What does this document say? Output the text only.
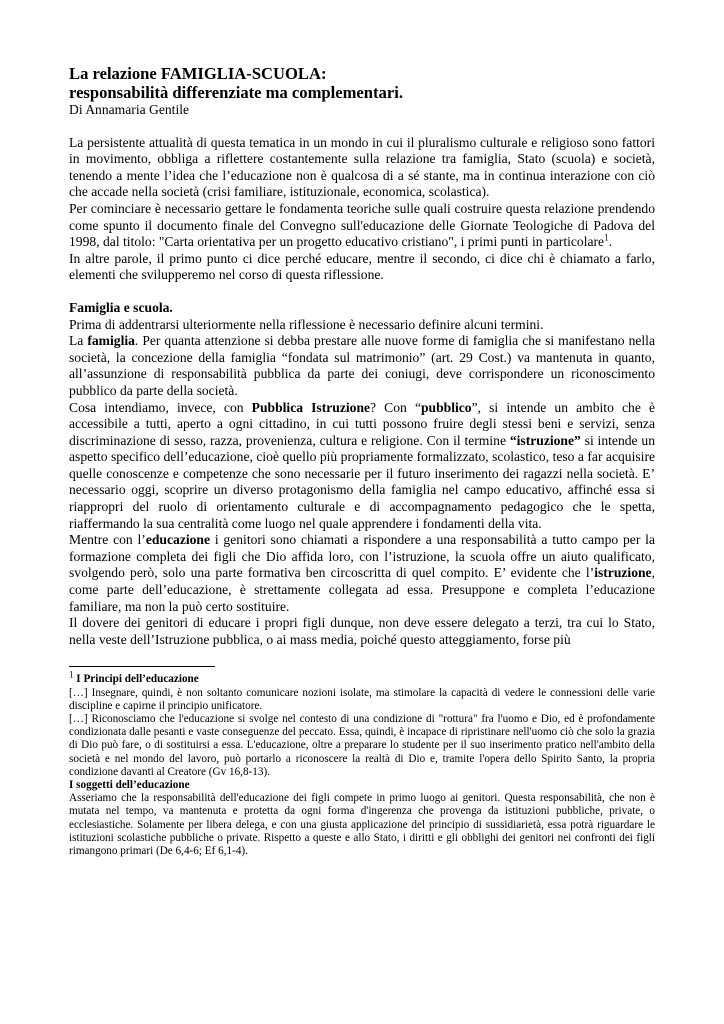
La relazione FAMIGLIA-SCUOLA:
responsabilità differenziate ma complementari.

Di Annamaria Gentile

La persistente attualità di questa tematica in un mondo in cui il pluralismo culturale e religioso sono fattori in movimento, obbliga a riflettere costantemente sulla relazione tra famiglia, Stato (scuola) e società, tenendo a mente l’idea che l’educazione non è qualcosa di a sé stante, ma in continua interazione con ciò che accade nella società (crisi familiare, istituzionale, economica, scolastica).

Per cominciare è necessario gettare le fondamenta teoriche sulle quali costruire questa relazione prendendo come spunto il documento finale del Convegno sull'educazione delle Giornate Teologiche di Padova del 1998, dal titolo: "Carta orientativa per un progetto educativo cristiano", i primi punti in particolare$^1$.

In altre parole, il primo punto ci dice perché educare, mentre il secondo, ci dice chi è chiamato a farlo, elementi che svilupperemo nel corso di questa riflessione.

Famiglia e scuola.

Prima di addentrarsi ulteriormente nella riflessione è necessario definire alcuni termini.

La famiglia. Per quanta attenzione si debba prestare alle nuove forme di famiglia che si manifestano nella società, la concezione della famiglia “fondata sul matrimonio” (art. 29 Cost.) va mantenuta in quanto, all’assunzione di responsabilità pubblica da parte dei coniugi, deve corrispondere un riconoscimento pubblico da parte della società.

Cosa intendiamo, invece, con Pubblica Istruzione? Con “pubblico”, si intende un ambito che è accessibile a tutti, aperto a ogni cittadino, in cui tutti possono fruire degli stessi beni e servizi, senza discriminazione di sesso, razza, provenienza, cultura e religione. Con il termine “istruzione” si intende un aspetto specifico dell’educazione, cioè quello più propriamente formalizzato, scolastico, teso a far acquisire quelle conoscenze e competenze che sono necessarie per il futuro inserimento dei ragazzi nella società. E’ necessario oggi, scoprire un diverso protagonismo della famiglia nel campo educativo, affinché essa si riappropri del ruolo di orientamento culturale e di accompagnamento pedagogico che le spetta, riaffermando la sua centralità come luogo nel quale apprendere i fondamenti della vita.

Mentre con l’educazione i genitori sono chiamati a rispondere a una responsabilità a tutto campo per la formazione completa dei figli che Dio affida loro, con l’istruzione, la scuola offre un aiuto qualificato, svolgendo però, solo una parte formativa ben circoscritta di quel compito. E’ evidente che l’istruzione, come parte dell’educazione, è strettamente collegata ad essa. Presuppone e completa l’educazione familiare, ma non la può certo sostituire.

Il dovere dei genitori di educare i propri figli dunque, non deve essere delegato a terzi, tra cui lo Stato, nella veste dell’Istruzione pubblica, o ai mass media, poiché questo atteggiamento, forse più

$^1$ I Principi dell’educazione

[…] Insegnare, quindi, è non soltanto comunicare nozioni isolate, ma stimolare la capacità di vedere le connessioni delle varie discipline e capirne il principio unificatore.

[…] Riconosciamo che l'educazione si svolge nel contesto di una condizione di "rottura" fra l'uomo e Dio, ed è profondamente condizionata dalle pesanti e vaste conseguenze del peccato. Essa, quindi, è incapace di ripristinare nell'uomo ciò che solo la grazia di Dio può fare, o di sostituirsi a essa. L'educazione, oltre a preparare lo studente per il suo inserimento pratico nell'ambito della società e nel mondo del lavoro, può portarlo a riconoscere la realtà di Dio e, tramite l'opera dello Spirito Santo, la propria condizione davanti al Creatore (Gv 16,8-13).

I soggetti dell’educazione

Asseriamo che la responsabilità dell'educazione dei figli compete in primo luogo ai genitori. Questa responsabilità, che non è mutata nel tempo, va mantenuta e protetta da ogni forma d'ingerenza che provenga da istituzioni pubbliche, private, o ecclesiastiche. Solamente per libera delega, e con una giusta applicazione del principio di sussidiarietà, essa potrà riguardare le istituzioni scolastiche pubbliche o private. Rispetto a queste e allo Stato, i diritti e gli obblighi dei genitori nei confronti dei figli rimangono primari (De 6,4-6; Ef 6,1-4).
